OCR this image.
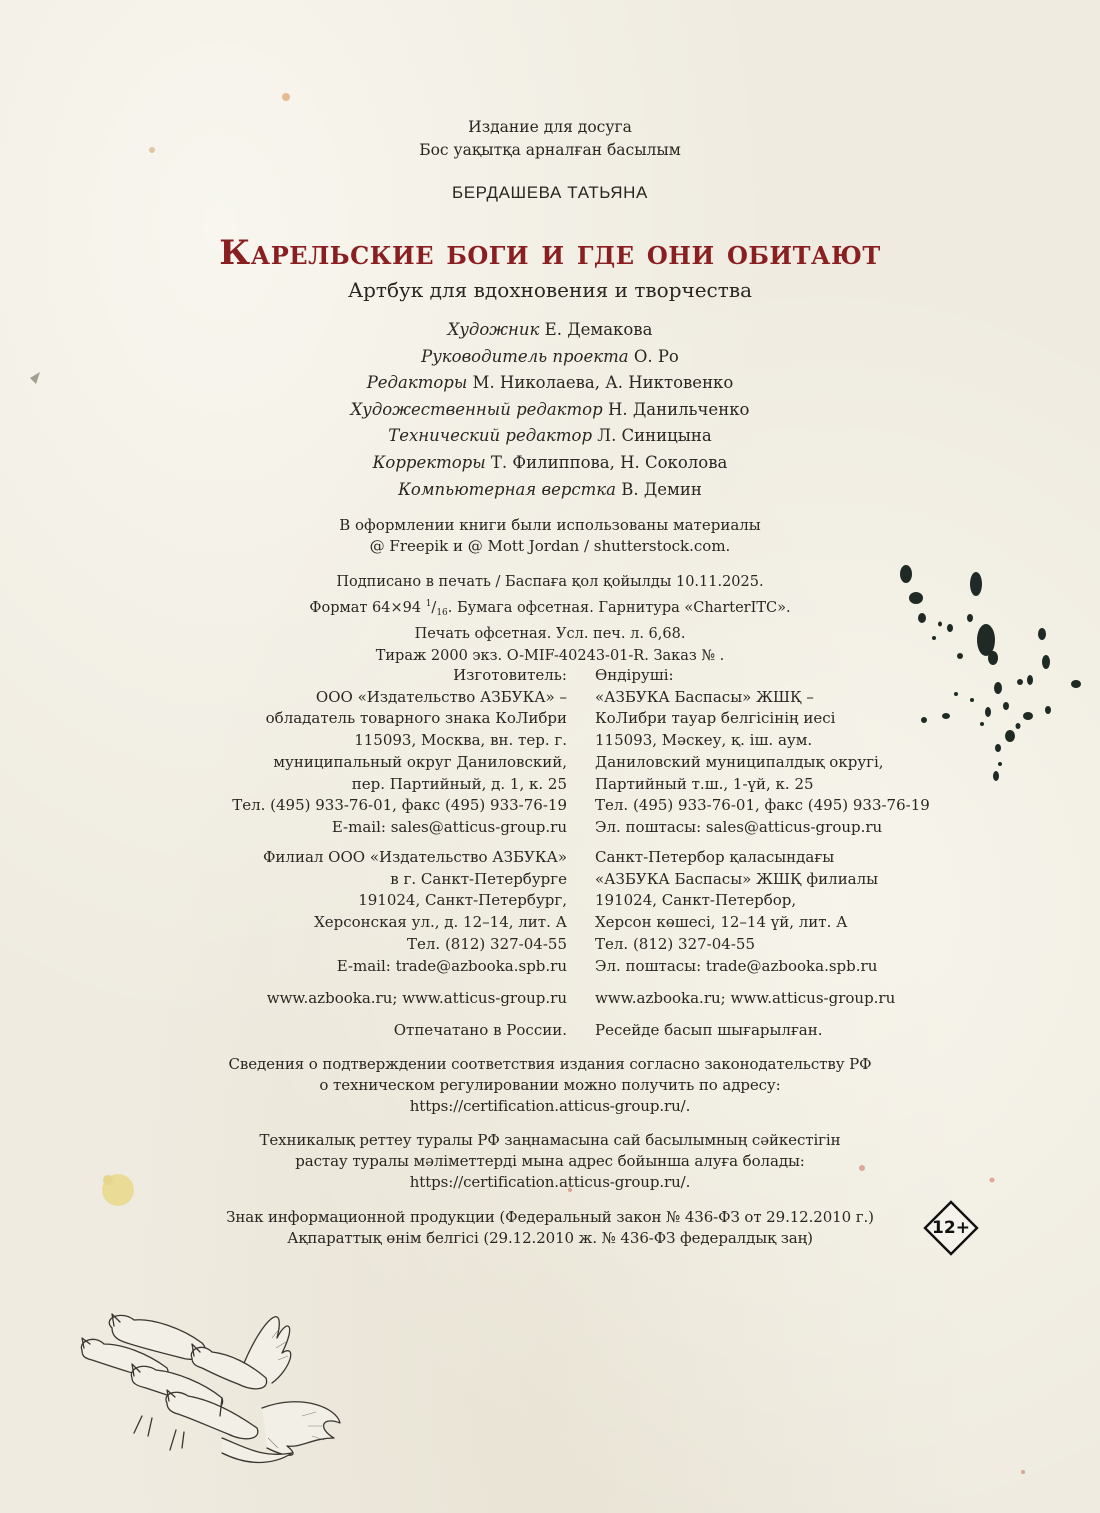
Издание для досуга
Бос уақытқа арналған басылым
БЕРДАШЕВА ТАТЬЯНА
Карельские боги и где они обитают
Артбук для вдохновения и творчества
Художник Е. Демакова
Руководитель проекта О. Ро
Редакторы М. Николаева, А. Никтовенко
Художественный редактор Н. Данильченко
Технический редактор Л. Синицына
Корректоры Т. Филиппова, Н. Соколова
Компьютерная верстка В. Демин
В оформлении книги были использованы материалы
@ Freepik и @ Mott Jordan / shutterstock.com.
Подписано в печать / Баспаға қол қойылды 10.11.2025.
Формат 64×94 $^1/_{16}$. Бумага офсетная. Гарнитура «CharterITC».
Печать офсетная. Усл. печ. л. 6,68.
Тираж 2000 экз. O-MIF-40243-01-R. Заказ № .
Изготовитель:
ООО «Издательство АЗБУКА» –
обладатель товарного знака КоЛибри
115093, Москва, вн. тер. г.
муниципальный округ Даниловский,
пер. Партийный, д. 1, к. 25
Тел. (495) 933-76-01, факс (495) 933-76-19
E-mail: sales@atticus-group.ru
Өндіруші:
«АЗБУКА Баспасы» ЖШҚ –
КоЛибри тауар белгісінің иесі
115093, Мәскеу, қ. іш. аум.
Даниловский муниципалдық округі,
Партийный т.ш., 1-үй, к. 25
Тел. (495) 933-76-01, факс (495) 933-76-19
Эл. поштасы: sales@atticus-group.ru
Филиал ООО «Издательство АЗБУКА»
в г. Санкт-Петербурге
191024, Санкт-Петербург,
Херсонская ул., д. 12–14, лит. А
Тел. (812) 327-04-55
E-mail: trade@azbooka.spb.ru
Санкт-Петербор қаласындағы
«АЗБУКА Баспасы» ЖШҚ филиалы
191024, Санкт-Петербор,
Херсон көшесі, 12–14 үй, лит. А
Тел. (812) 327-04-55
Эл. поштасы: trade@azbooka.spb.ru
www.azbooka.ru; www.atticus-group.ru www.azbooka.ru; www.atticus-group.ru
Отпечатано в России. Ресейде басып шығарылған.
Сведения о подтверждении соответствия издания согласно законодательству РФ
о техническом регулировании можно получить по адресу:
https://certification.atticus-group.ru/.
Техникалық реттеу туралы РФ заңнамасына сай басылымның сәйкестігін
растау туралы мәліметтерді мына адрес бойынша алуға болады:
https://certification.atticus-group.ru/.
Знак информационной продукции (Федеральный закон № 436-ФЗ от 29.12.2010 г.)
Ақпараттық өнім белгісі (29.12.2010 ж. № 436-ФЗ федералдық заң)	12+
